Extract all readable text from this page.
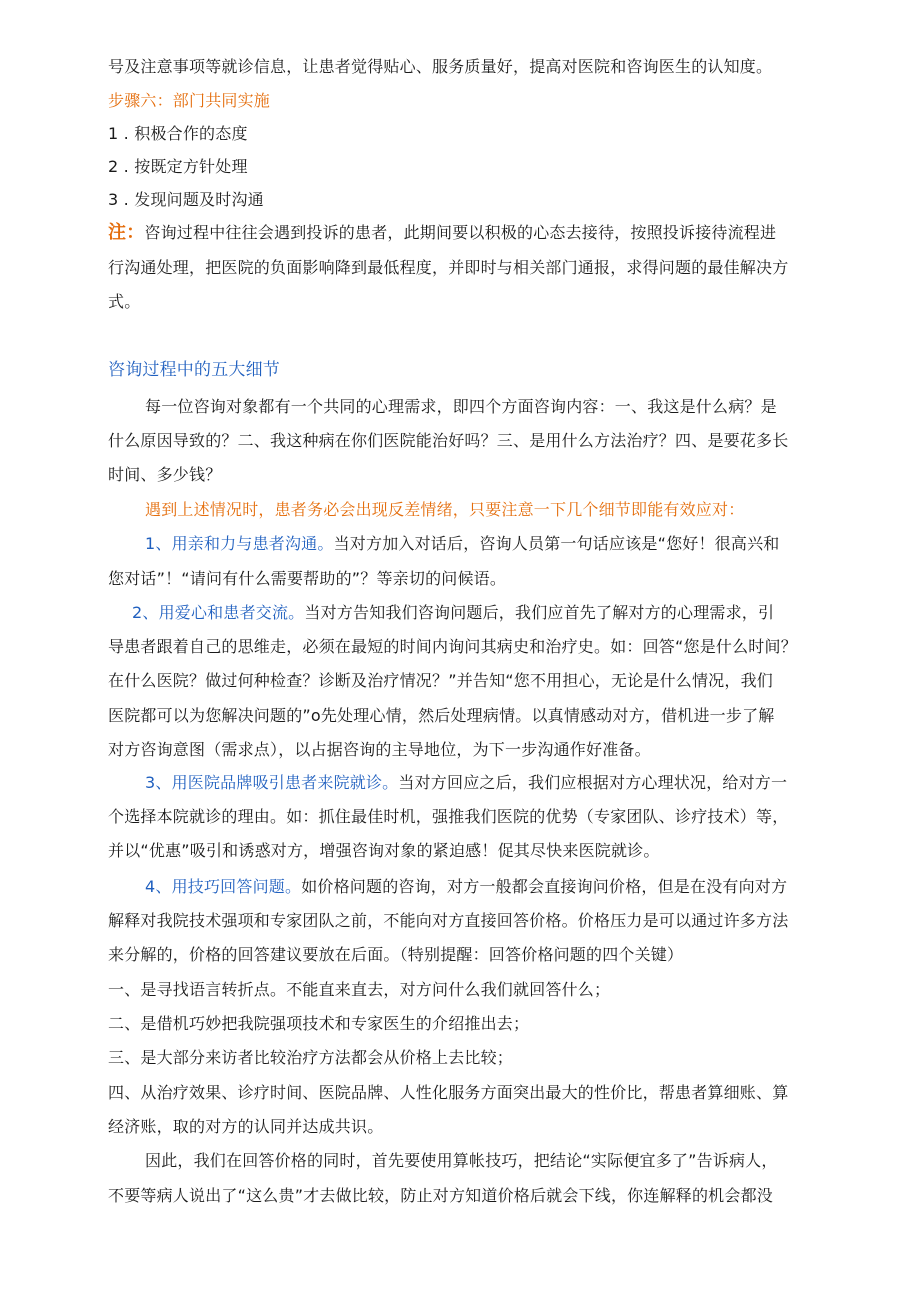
号及注意事项等就诊信息，让患者觉得贴心、服务质量好，提高对医院和咨询医生的认知度。
步骤六：部门共同实施
1 . 积极合作的态度
2 . 按既定方针处理
3 . 发现问题及时沟通
注：咨询过程中往往会遇到投诉的患者，此期间要以积极的心态去接待，按照投诉接待流程进
行沟通处理，把医院的负面影响降到最低程度，并即时与相关部门通报，求得问题的最佳解决方
式。
咨询过程中的五大细节
每一位咨询对象都有一个共同的心理需求，即四个方面咨询内容：一、我这是什么病？是
什么原因导致的？二、我这种病在你们医院能治好吗？三、是用什么方法治疗？四、是要花多长
时间、多少钱？
遇到上述情况时，患者务必会出现反差情绪，只要注意一下几个细节即能有效应对：
1、用亲和力与患者沟通。当对方加入对话后，咨询人员第一句话应该是“您好！很高兴和
您对话”！“请问有什么需要帮助的”？等亲切的问候语。
2、用爱心和患者交流。当对方告知我们咨询问题后，我们应首先了解对方的心理需求，引
导患者跟着自己的思维走，必须在最短的时间内询问其病史和治疗史。如：回答“您是什么时间？
在什么医院？做过何种检查？诊断及治疗情况？”并告知“您不用担心，无论是什么情况，我们
医院都可以为您解决问题的”o先处理心情，然后处理病情。以真情感动对方，借机进一步了解
对方咨询意图（需求点），以占据咨询的主导地位，为下一步沟通作好准备。
3、用医院品牌吸引患者来院就诊。当对方回应之后，我们应根据对方心理状况，给对方一
个选择本院就诊的理由。如：抓住最佳时机，强推我们医院的优势（专家团队、诊疗技术）等，
并以“优惠”吸引和诱惑对方，增强咨询对象的紧迫感！促其尽快来医院就诊。
4、用技巧回答问题。如价格问题的咨询，对方一般都会直接询问价格，但是在没有向对方
解释对我院技术强项和专家团队之前，不能向对方直接回答价格。价格压力是可以通过许多方法
来分解的，价格的回答建议要放在后面。（特别提醒：回答价格问题的四个关键）
一、是寻找语言转折点。不能直来直去，对方问什么我们就回答什么；
二、是借机巧妙把我院强项技术和专家医生的介绍推出去；
三、是大部分来访者比较治疗方法都会从价格上去比较；
四、从治疗效果、诊疗时间、医院品牌、人性化服务方面突出最大的性价比，帮患者算细账、算
经济账，取的对方的认同并达成共识。
因此，我们在回答价格的同时，首先要使用算帐技巧，把结论“实际便宜多了”告诉病人，
不要等病人说出了“这么贵”才去做比较，防止对方知道价格后就会下线，你连解释的机会都没
